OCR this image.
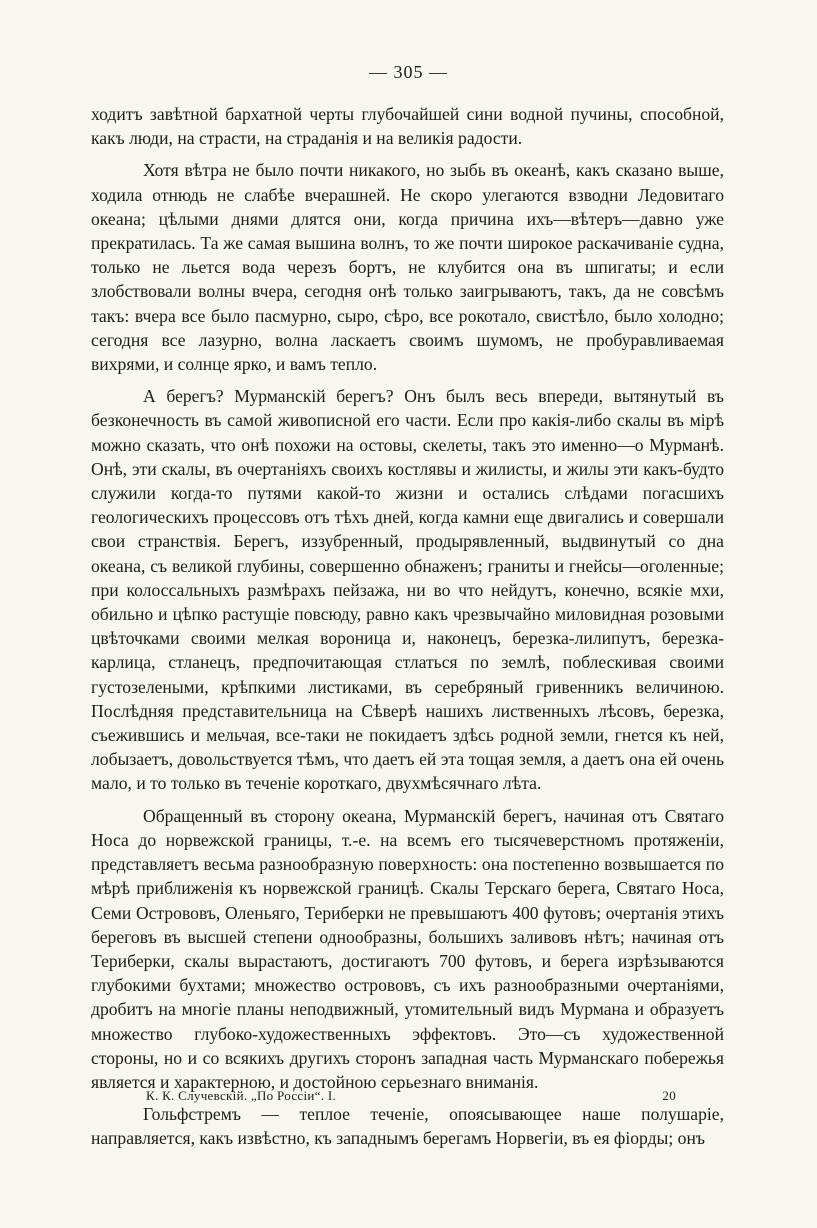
— 305 —

ходитъ завѣтной бархатной черты глубочайшей сини водной пучины, способной, какъ люди, на страсти, на страданія и на великія радости.

Хотя вѣтра не было почти никакого, но зыбь въ океанѣ, какъ сказано выше, ходила отнюдь не слабѣе вчерашней. Не скоро улегаются взводни Ледовитаго океана; цѣлыми днями длятся они, когда причина ихъ—вѣтеръ—давно уже прекратилась. Та же самая вышина волнъ, то же почти широкое раскачиваніе судна, только не льется вода черезъ бортъ, не клубится она въ шпигаты; и если злобствовали волны вчера, сегодня онѣ только заигрываютъ, такъ, да не совсѣмъ такъ: вчера все было пасмурно, сыро, сѣро, все рокотало, свистѣло, было холодно; сегодня все лазурно, волна ласкаетъ своимъ шумомъ, не пробуравливаемая вихрями, и солнце ярко, и вамъ тепло.

А берегъ? Мурманскій берегъ? Онъ былъ весь впереди, вытянутый въ безконечность въ самой живописной его части. Если про какія-либо скалы въ мірѣ можно сказать, что онѣ похожи на остовы, скелеты, такъ это именно—о Мурманѣ. Онѣ, эти скалы, въ очертаніяхъ своихъ костлявы и жилисты, и жилы эти какъ-будто служили когда-то путями какой-то жизни и остались слѣдами погасшихъ геологическихъ процессовъ отъ тѣхъ дней, когда камни еще двигались и совершали свои странствія. Берегъ, иззубренный, продырявленный, выдвинутый со дна океана, съ великой глубины, совершенно обнаженъ; граниты и гнейсы—оголенные; при колоссальныхъ размѣрахъ пейзажа, ни во что нейдутъ, конечно, всякіе мхи, обильно и цѣпко растущіе повсюду, равно какъ чрезвычайно миловидная розовыми цвѣточками своими мелкая вороница и, наконецъ, березка-лилипутъ, березка-карлица, стланецъ, предпочитающая стлаться по землѣ, поблескивая своими густозелеными, крѣпкими листиками, въ серебряный гривенникъ величиною. Послѣдняя представительница на Сѣверѣ нашихъ лиственныхъ лѣсовъ, березка, съежившись и мельчая, все-таки не покидаетъ здѣсь родной земли, гнется къ ней, лобызаетъ, довольствуется тѣмъ, что даетъ ей эта тощая земля, а даетъ она ей очень мало, и то только въ теченіе короткаго, двухмѣсячнаго лѣта.

Обращенный въ сторону океана, Мурманскій берегъ, начиная отъ Святаго Носа до норвежской границы, т.-е. на всемъ его тысячеверстномъ протяженіи, представляетъ весьма разнообразную поверхность: она постепенно возвышается по мѣрѣ приближенія къ норвежской границѣ. Скалы Терскаго берега, Святаго Носа, Семи Острововъ, Оленьяго, Териберки не превышаютъ 400 футовъ; очертанія этихъ береговъ въ высшей степени однообразны, большихъ заливовъ нѣтъ; начиная отъ Териберки, скалы вырастаютъ, достигаютъ 700 футовъ, и берега изрѣзываются глубокими бухтами; множество острововъ, съ ихъ разнообразными очертаніями, дробитъ на многіе планы неподвижный, утомительный видъ Мурмана и образуетъ множество глубоко-художественныхъ эффектовъ. Это—съ художественной стороны, но и со всякихъ другихъ сторонъ западная часть Мурманскаго побережья является и характерною, и достойною серьезнаго вниманія.

Гольфстремъ — теплое теченіе, опоясывающее наше полушаріе, направляется, какъ извѣстно, къ западнымъ берегамъ Норвегіи, въ ея фіорды; онъ

К. К. Случевскій. „По Россіи“. I.	20
